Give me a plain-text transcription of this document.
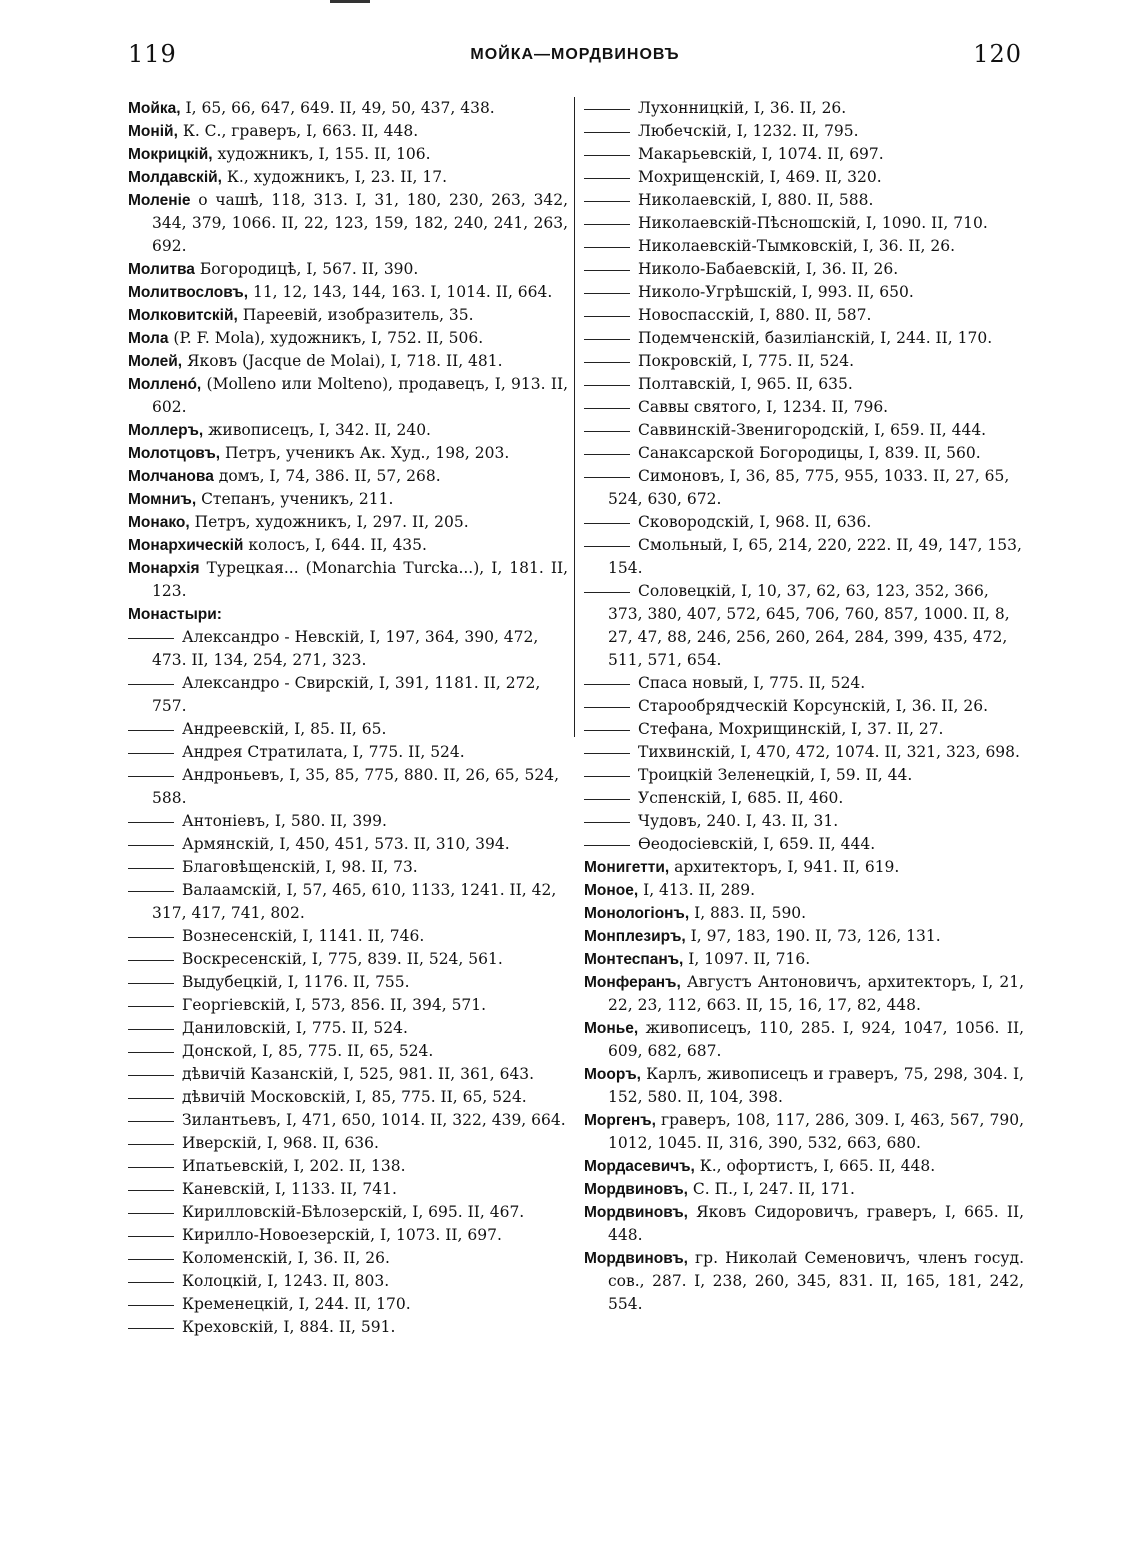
119	МОЙКА—МОРДВИНОВЪ	120
Мойка, I, 65, 66, 647, 649. II, 49, 50, 437, 438.
Моній, К. С., граверъ, I, 663. II, 448.
Мокрицкій, художникъ, I, 155. II, 106.
Молдавскій, К., художникъ, I, 23. II, 17.
Моленіе о чашѣ, 118, 313. I, 31, 180, 230, 263, 342, 344, 379, 1066. II, 22, 123, 159, 182, 240, 241, 263, 692.
Молитва Богородицѣ, I, 567. II, 390.
Молитвословъ, 11, 12, 143, 144, 163. I, 1014. II, 664.
Молковитскій, Пареевій, изобразитель, 35.
Мола (P. F. Mola), художникъ, I, 752. II, 506.
Молей, Яковъ (Jacque de Molai), I, 718. II, 481.
Молленó, (Molleno или Molteno), продавецъ, I, 913. II, 602.
Моллеръ, живописецъ, I, 342. II, 240.
Молотцовъ, Петръ, ученикъ Ак. Худ., 198, 203.
Молчанова домъ, I, 74, 386. II, 57, 268.
Момниъ, Степанъ, ученикъ, 211.
Монако, Петръ, художникъ, I, 297. II, 205.
Монархическій колосъ, I, 644. II, 435.
Монархія Турецкая... (Monarchia Turcka...), I, 181. II, 123.
Монастыри:
Александро - Невскій, I, 197, 364, 390, 472, 473. II, 134, 254, 271, 323.
Александро - Свирскій, I, 391, 1181. II, 272, 757.
Андреевскій, I, 85. II, 65.
Андрея Стратилата, I, 775. II, 524.
Андроньевъ, I, 35, 85, 775, 880. II, 26, 65, 524, 588.
Антоніевъ, I, 580. II, 399.
Армянскій, I, 450, 451, 573. II, 310, 394.
Благовѣщенскій, I, 98. II, 73.
Валаамскій, I, 57, 465, 610, 1133, 1241. II, 42, 317, 417, 741, 802.
Вознесенскій, I, 1141. II, 746.
Воскресенскій, I, 775, 839. II, 524, 561.
Выдубецкій, I, 1176. II, 755.
Георгіевскій, I, 573, 856. II, 394, 571.
Даниловскій, I, 775. II, 524.
Донской, I, 85, 775. II, 65, 524.
дѣвичій Казанскій, I, 525, 981. II, 361, 643.
дѣвичій Московскій, I, 85, 775. II, 65, 524.
Зилантьевъ, I, 471, 650, 1014. II, 322, 439, 664.
Иверскій, I, 968. II, 636.
Ипатьевскій, I, 202. II, 138.
Каневскій, I, 1133. II, 741.
Кирилловскій-Бѣлозерскій, I, 695. II, 467.
Кирилло-Новоезерскій, I, 1073. II, 697.
Коломенскій, I, 36. II, 26.
Колоцкій, I, 1243. II, 803.
Кременецкій, I, 244. II, 170.
Креховскій, I, 884. II, 591.
Лухонницкій, I, 36. II, 26.
Любечскій, I, 1232. II, 795.
Макарьевскій, I, 1074. II, 697.
Мохрищенскій, I, 469. II, 320.
Николаевскій, I, 880. II, 588.
Николаевскій-Пѣсношскій, I, 1090. II, 710.
Николаевскій-Тымковскій, I, 36. II, 26.
Николо-Бабаевскій, I, 36. II, 26.
Николо-Угрѣшскій, I, 993. II, 650.
Новоспасскій, I, 880. II, 587.
Подемченскій, базиліанскій, I, 244. II, 170.
Покровскій, I, 775. II, 524.
Полтавскій, I, 965. II, 635.
Саввы святого, I, 1234. II, 796.
Саввинскій-Звенигородскій, I, 659. II, 444.
Санаксарской Богородицы, I, 839. II, 560.
Симоновъ, I, 36, 85, 775, 955, 1033. II, 27, 65, 524, 630, 672.
Сковородскій, I, 968. II, 636.
Смольный, I, 65, 214, 220, 222. II, 49, 147, 153, 154.
Соловецкій, I, 10, 37, 62, 63, 123, 352, 366, 373, 380, 407, 572, 645, 706, 760, 857, 1000. II, 8, 27, 47, 88, 246, 256, 260, 264, 284, 399, 435, 472, 511, 571, 654.
Спаса новый, I, 775. II, 524.
Старообрядческій Корсунскій, I, 36. II, 26.
Стефана, Мохрищинскій, I, 37. II, 27.
Тихвинскій, I, 470, 472, 1074. II, 321, 323, 698.
Троицкій Зеленецкій, I, 59. II, 44.
Успенскій, I, 685. II, 460.
Чудовъ, 240. I, 43. II, 31.
Ѳеодосіевскій, I, 659. II, 444.
Монигетти, архитекторъ, I, 941. II, 619.
Моное, I, 413. II, 289.
Монологіонъ, I, 883. II, 590.
Монплезиръ, I, 97, 183, 190. II, 73, 126, 131.
Монтеспанъ, I, 1097. II, 716.
Монферанъ, Августъ Антоновичъ, архитекторъ, I, 21, 22, 23, 112, 663. II, 15, 16, 17, 82, 448.
Монье, живописецъ, 110, 285. I, 924, 1047, 1056. II, 609, 682, 687.
Мооръ, Карлъ, живописецъ и граверъ, 75, 298, 304. I, 152, 580. II, 104, 398.
Моргенъ, граверъ, 108, 117, 286, 309. I, 463, 567, 790, 1012, 1045. II, 316, 390, 532, 663, 680.
Мордасевичъ, К., офортистъ, I, 665. II, 448.
Мордвиновъ, С. П., I, 247. II, 171.
Мордвиновъ, Яковъ Сидоровичъ, граверъ, I, 665. II, 448.
Мордвиновъ, гр. Николай Семеновичъ, членъ госуд. сов., 287. I, 238, 260, 345, 831. II, 165, 181, 242, 554.
